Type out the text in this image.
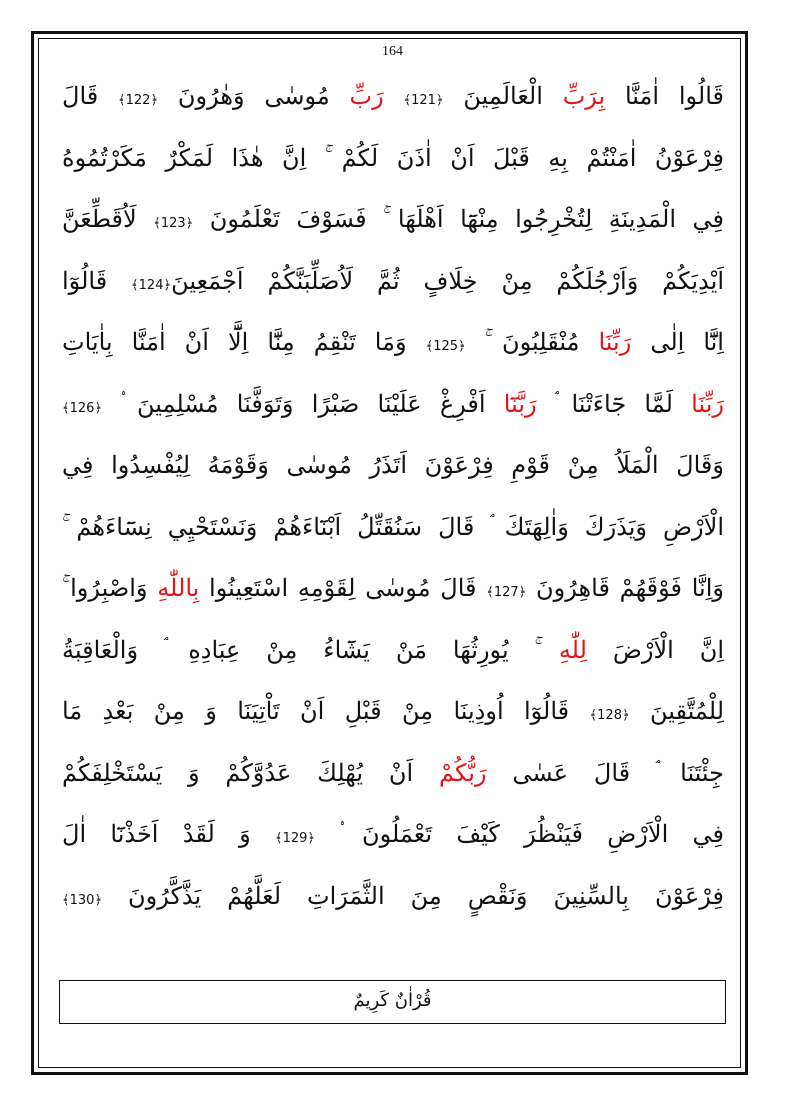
164
قَالُوا اٰمَنَّا بِرَبِّ الْعَالَمِينَ ﴿121﴾ رَبِّ مُوسٰى وَهٰرُونَ ﴿122﴾ قَالَ
فِرْعَوْنُ اٰمَنْتُمْ بِهِ قَبْلَ اَنْ اٰذَنَ لَكُمْ ۚ اِنَّ هٰذَا لَمَكْرٌ مَكَرْتُمُوهُ
فِي الْمَدِينَةِ لِتُخْرِجُوا مِنْهَٓا اَهْلَهَا ۚ فَسَوْفَ تَعْلَمُونَ ﴿123﴾ لَاُقَطِّعَنَّ
اَيْدِيَكُمْ وَاَرْجُلَكُمْ مِنْ خِلَافٍ ثُمَّ لَاُصَلِّبَنَّكُمْ اَجْمَعِينَ﴿124﴾ قَالُوٓا
اِنَّٓا اِلٰى رَبِّنَا مُنْقَلِبُونَ ۚ ﴿125﴾ وَمَا تَنْقِمُ مِنَّٓا اِلَّٓا اَنْ اٰمَنَّا بِاٰيَاتِ
رَبِّنَا لَمَّا جَٓاءَتْنَا ۘ رَبَّنَٓا اَفْرِغْ عَلَيْنَا صَبْرًا وَتَوَفَّنَا مُسْلِمِينَ ۟ ﴿126﴾
وَقَالَ الْمَلَاُ مِنْ قَوْمِ فِرْعَوْنَ اَتَذَرُ مُوسٰى وَقَوْمَهُ لِيُفْسِدُوا فِي
الْاَرْضِ وَيَذَرَكَ وَاٰلِهَتَكَ ۘ قَالَ سَنُقَتِّلُ اَبْنَٓاءَهُمْ وَنَسْتَحْيِي نِسَٓاءَهُمْ ۚ
وَاِنَّا فَوْقَهُمْ قَاهِرُونَ ﴿127﴾ قَالَ مُوسٰى لِقَوْمِهِ اسْتَعِينُوا بِاللّٰهِ وَاصْبِرُوا ۚ
اِنَّ الْاَرْضَ لِلّٰهِ ۚ يُورِثُهَا مَنْ يَشَٓاءُ مِنْ عِبَادِهِ ۘ وَالْعَاقِبَةُ
لِلْمُتَّقِينَ ﴿128﴾ قَالُوٓا اُوذِينَا مِنْ قَبْلِ اَنْ تَاْتِيَنَا وَ مِنْ بَعْدِ مَا
جِئْتَنَا ۘ قَالَ عَسٰى رَبُّكُمْ اَنْ يُهْلِكَ عَدُوَّكُمْ وَ يَسْتَخْلِفَكُمْ
فِي الْاَرْضِ فَيَنْظُرَ كَيْفَ تَعْمَلُونَ ۟ ﴿129﴾ وَ لَقَدْ اَخَذْنَٓا اٰلَ
فِرْعَوْنَ بِالسِّنِينَ وَنَقْصٍ مِنَ الثَّمَرَاتِ لَعَلَّهُمْ يَذَّكَّرُونَ ﴿130﴾
قُرْاٰنٌ كَرِيمٌ
